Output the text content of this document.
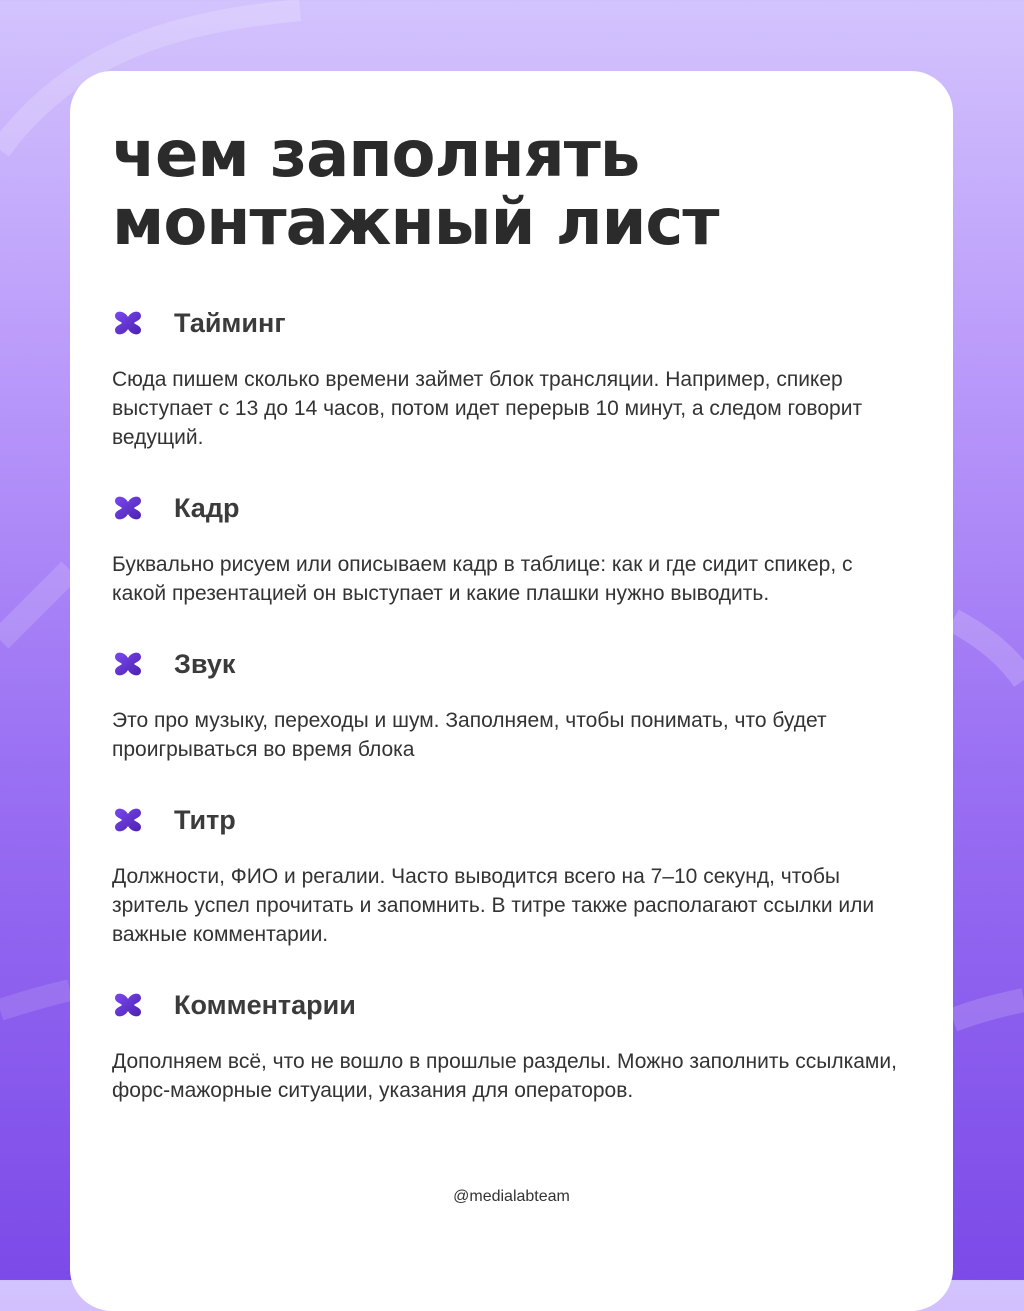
чем заполнять монтажный лист
Тайминг

Сюда пишем сколько времени займет блок трансляции. Например, спикер выступает с 13 до 14 часов, потом идет перерыв 10 минут, а следом говорит ведущий.

Кадр

Буквально рисуем или описываем кадр в таблице: как и где сидит спикер, с какой презентацией он выступает и какие плашки нужно выводить.

Звук

Это про музыку, переходы и шум. Заполняем, чтобы понимать, что будет проигрываться во время блока

Титр

Должности, ФИО и регалии. Часто выводится всего на 7–10 секунд, чтобы зритель успел прочитать и запомнить. В титре также располагают ссылки или важные комментарии.

Комментарии

Дополняем всё, что не вошло в прошлые разделы. Можно заполнить ссылками, форс-мажорные ситуации, указания для операторов.

@medialabteam
